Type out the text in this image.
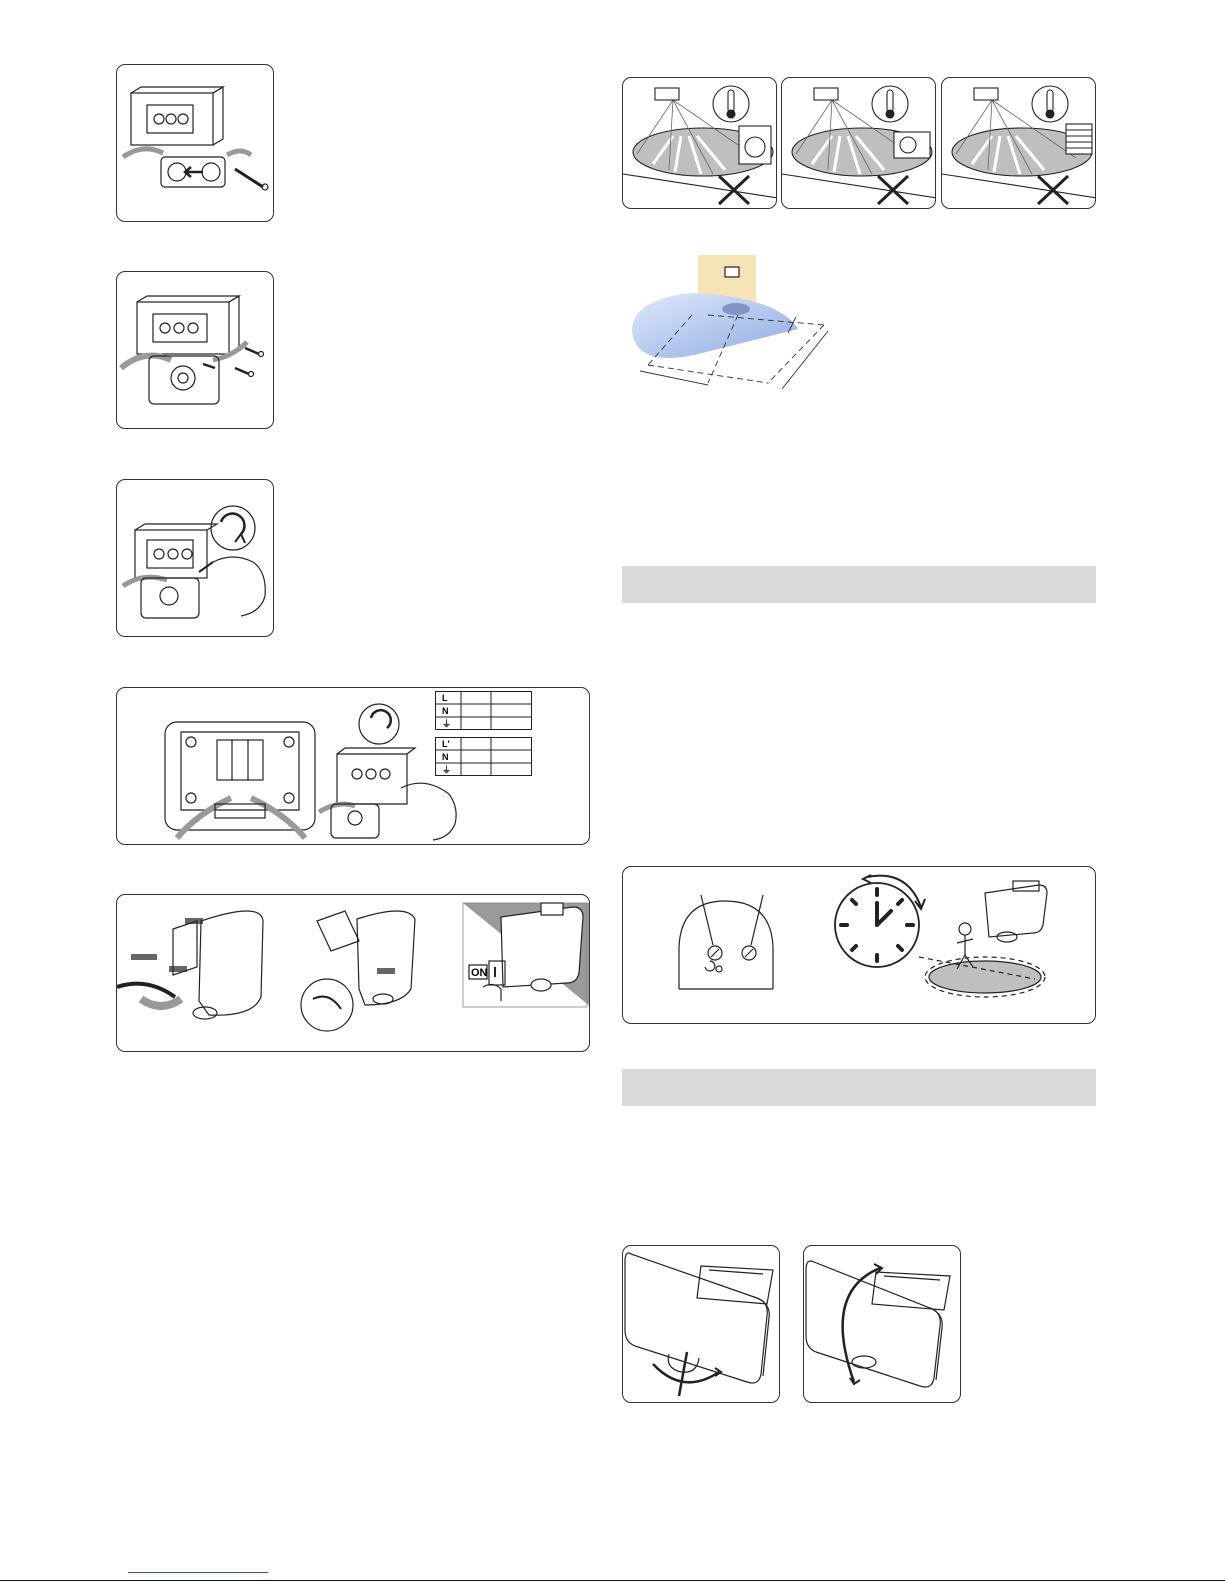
L
N
⏚
L'
N
⏚
ON
